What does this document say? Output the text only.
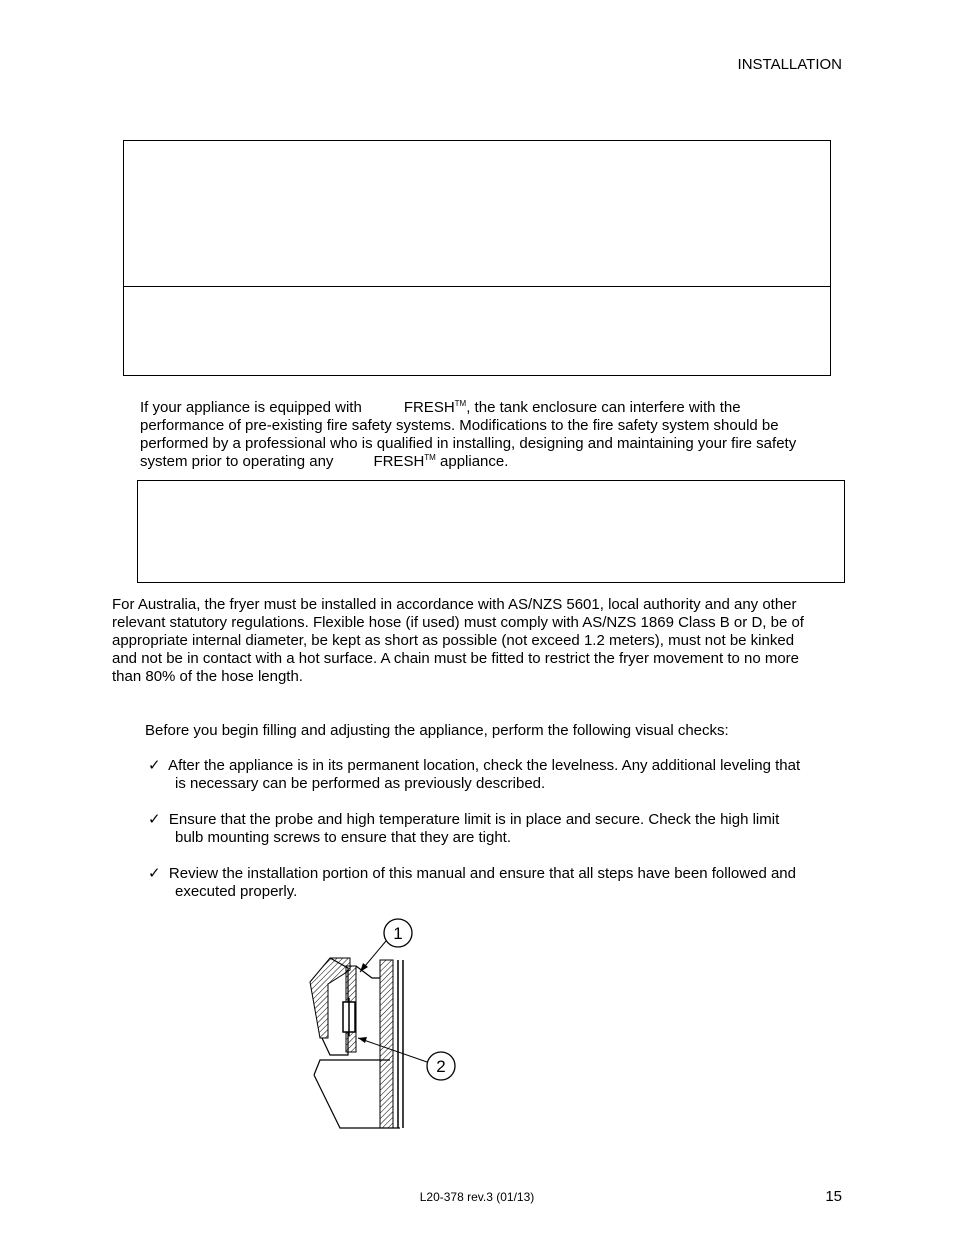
INSTALLATION
If your appliance is equipped with	FRESH™, the tank enclosure can interfere with the
performance of pre-existing fire safety systems. Modifications to the fire safety system should be
performed by a professional who is qualified in installing, designing and maintaining your fire safety
system prior to operating any	FRESH™ appliance.
For Australia, the fryer must be installed in accordance with AS/NZS 5601, local authority and any other
relevant statutory regulations. Flexible hose (if used) must comply with AS/NZS 1869 Class B or D, be of
appropriate internal diameter, be kept as short as possible (not exceed 1.2 meters), must not be kinked
and not be in contact with a hot surface. A chain must be fitted to restrict the fryer movement to no more
than 80% of the hose length.
Before you begin filling and adjusting the appliance, perform the following visual checks:
✓ After the appliance is in its permanent location, check the levelness. Any additional leveling that
is necessary can be performed as previously described.
✓ Ensure that the probe and high temperature limit is in place and secure. Check the high limit
bulb mounting screws to ensure that they are tight.
✓ Review the installation portion of this manual and ensure that all steps have been followed and
executed properly.
1
2
L20-378 rev.3 (01/13)	15
